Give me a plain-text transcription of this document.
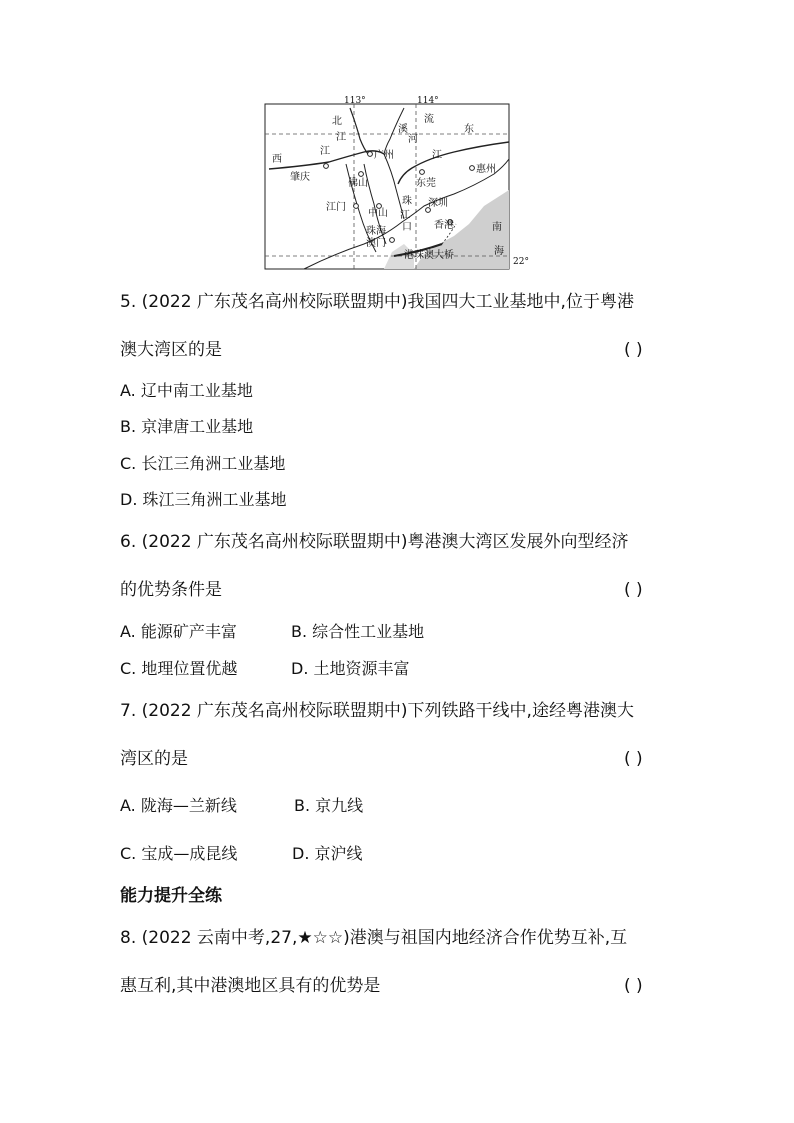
113°	114°
22°
北
江
流
溪
河
东
西
江	江
广州
肇庆
佛山	东莞
惠州
江门
中山
深圳
香港
珠海
澳门
南
海
港珠澳大桥
珠
江
口
5. (2022 广东茂名高州校际联盟期中)我国四大工业基地中,位于粤港
澳大湾区的是	( )
A. 辽中南工业基地
B. 京津唐工业基地
C. 长江三角洲工业基地
D. 珠江三角洲工业基地
6. (2022 广东茂名高州校际联盟期中)粤港澳大湾区发展外向型经济
的优势条件是	( )
A. 能源矿产丰富	B. 综合性工业基地
C. 地理位置优越	D. 土地资源丰富
7. (2022 广东茂名高州校际联盟期中)下列铁路干线中,途经粤港澳大
湾区的是	( )
A. 陇海—兰新线	B. 京九线
C. 宝成—成昆线	D. 京沪线
能力提升全练
8. (2022 云南中考,27,★☆☆)港澳与祖国内地经济合作优势互补,互
惠互利,其中港澳地区具有的优势是	( )
